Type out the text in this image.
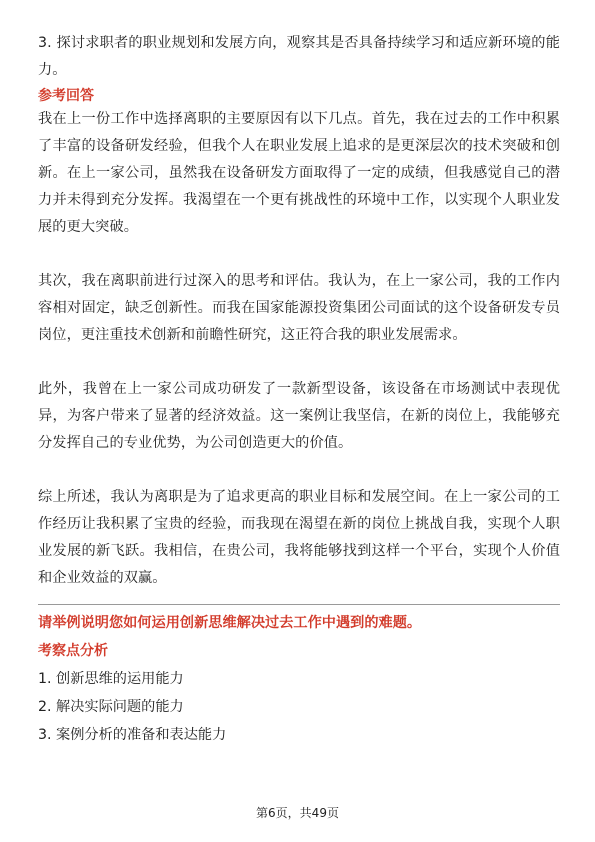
3. 探讨求职者的职业规划和发展方向，观察其是否具备持续学习和适应新环境的能力。

参考回答

我在上一份工作中选择离职的主要原因有以下几点。首先，我在过去的工作中积累了丰富的设备研发经验，但我个人在职业发展上追求的是更深层次的技术突破和创新。在上一家公司，虽然我在设备研发方面取得了一定的成绩，但我感觉自己的潜力并未得到充分发挥。我渴望在一个更有挑战性的环境中工作，以实现个人职业发展的更大突破。

其次，我在离职前进行过深入的思考和评估。我认为，在上一家公司，我的工作内容相对固定，缺乏创新性。而我在国家能源投资集团公司面试的这个设备研发专员岗位，更注重技术创新和前瞻性研究，这正符合我的职业发展需求。

此外，我曾在上一家公司成功研发了一款新型设备，该设备在市场测试中表现优异，为客户带来了显著的经济效益。这一案例让我坚信，在新的岗位上，我能够充分发挥自己的专业优势，为公司创造更大的价值。

综上所述，我认为离职是为了追求更高的职业目标和发展空间。在上一家公司的工作经历让我积累了宝贵的经验，而我现在渴望在新的岗位上挑战自我，实现个人职业发展的新飞跃。我相信，在贵公司，我将能够找到这样一个平台，实现个人价值和企业效益的双赢。

请举例说明您如何运用创新思维解决过去工作中遇到的难题。

考察点分析

1. 创新思维的运用能力
2. 解决实际问题的能力
3. 案例分析的准备和表达能力
第6页，共49页
